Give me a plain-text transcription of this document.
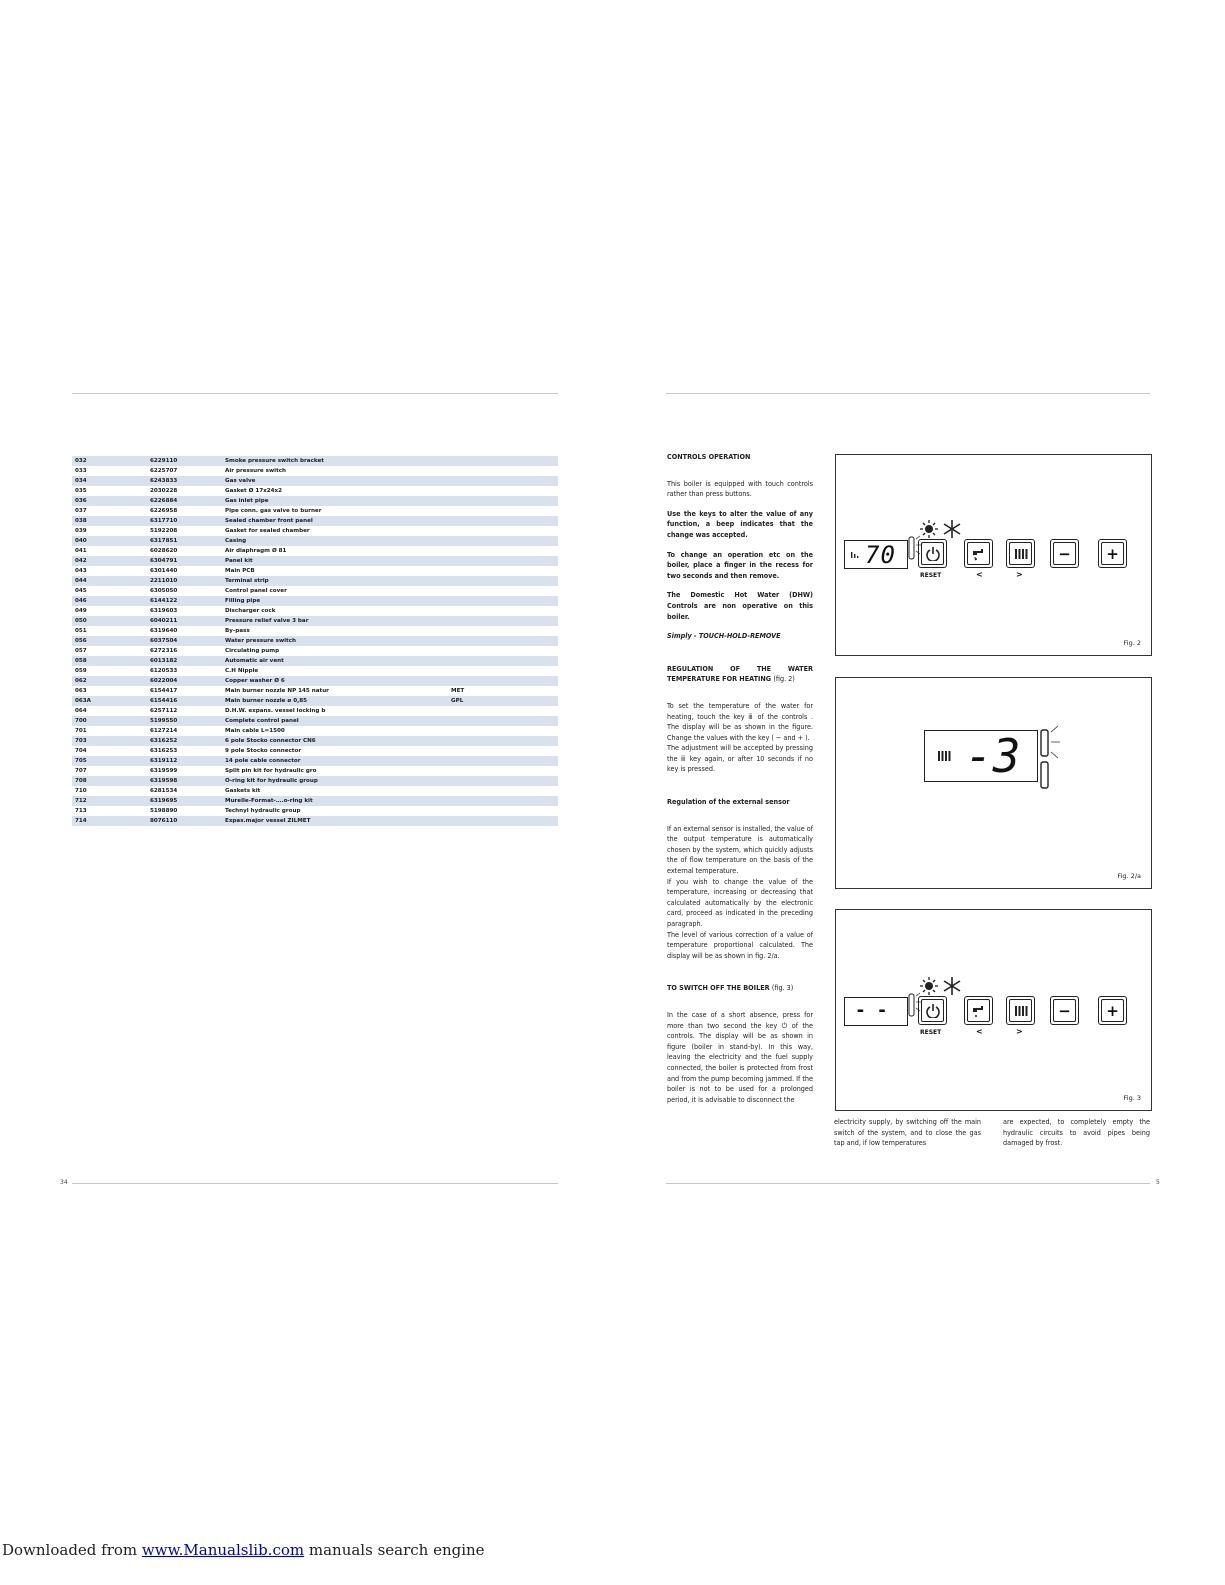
032	6229110	Smoke pressure switch bracket
033	6225707	Air pressure switch
034	6243833	Gas valve
035	2030228	Gasket Ø 17x24x2
036	6226884	Gas inlet pipe
037	6226958	Pipe conn. gas valve to burner
038	6317710	Sealed chamber front panel
039	5192208	Gasket for sealed chamber
040	6317851	Casing
041	6028620	Air diaphragm Ø 81
042	6304791	Panel kit
043	6301440	Main PCB
044	2211010	Terminal strip
045	6305050	Control panel cover
046	6144122	Filling pipe
049	6319603	Discharger cock
050	6040211	Pressure relief valve 3 bar
051	6319640	By-pass
056	6037504	Water pressure switch
057	6272316	Circulating pump
058	6013182	Automatic air vent
059	6120533	C.H Nipple
062	6022004	Copper washer Ø 6
063	6154417	Main burner nozzle NP 145 natur	MET
063A	6154416	Main burner nozzle ø 0,85	GPL
064	6257112	D.H.W. expans. vessel locking b
700	5199550	Complete control panel
701	6127214	Main cable L=1500
703	6316252	6 pole Stocko connector CN6
704	6316253	9 pole Stocko connector
705	6319112	14 pole cable connector
707	6319599	Split pin kit for hydraulic gro
708	6319598	O-ring kit for hydraulic group
710	6281534	Gaskets kit
712	6319695	Murelle-Format-….o-ring kit
713	5198890	Technyl hydraulic group
714	8076110	Expas.major vessel ZILMET
34	5

CONTROLS OPERATION

This boiler is equipped with touch controls rather than press buttons.

Use the keys to alter the value of any function, a beep indicates that the change was accepted.

To change an operation etc on the boiler, place a finger in the recess for two seconds and then remove.

The Domestic Hot Water (DHW) Controls are non operative on this boiler.

Simply - TOUCH-HOLD-REMOVE

REGULATION OF THE WATER TEMPERATURE FOR HEATING (fig. 2)

To set the temperature of the water for heating, touch the key ⅲ of the controls . The display will be as shown in the figure. Change the values with the key ( − and + ).

The adjustment will be accepted by pressing the ⅲ key again, or after 10 seconds if no key is pressed.

Regulation of the external sensor

If an external sensor is installed, the value of the output temperature is automatically chosen by the system, which quickly adjusts the of flow temperature on the basis of the external temperature.

If you wish to change the value of the temperature, increasing or decreasing that calculated automatically by the electronic card, proceed as indicated in the preceding paragraph.

The level of various correction of a value of temperature proportional calculated. The display will be as shown in fig. 2/a.

TO SWITCH OFF THE BOILER (fig. 3)

In the case of a short absence, press for more than two second the key ⏻ of the controls. The display will be as shown in figure (boiler in stand-by). In this way, leaving the electricity and the fuel supply connected, the boiler is protected from frost and from the pump becoming jammed. If the boiler is not to be used for a prolonged period, it is advisable to disconnect the

electricity supply, by switching off the main switch of the system, and to close the gas tap and, if low temperatures

are expected, to completely empty the hydraulic circuits to avoid pipes being damaged by frost.

70
RESET	<	>
−	+
Fig. 2
-3
Fig. 2/a
- -
RESET	<	>
−	+
Fig. 3
Downloaded from www.Manualslib.com manuals search engine
